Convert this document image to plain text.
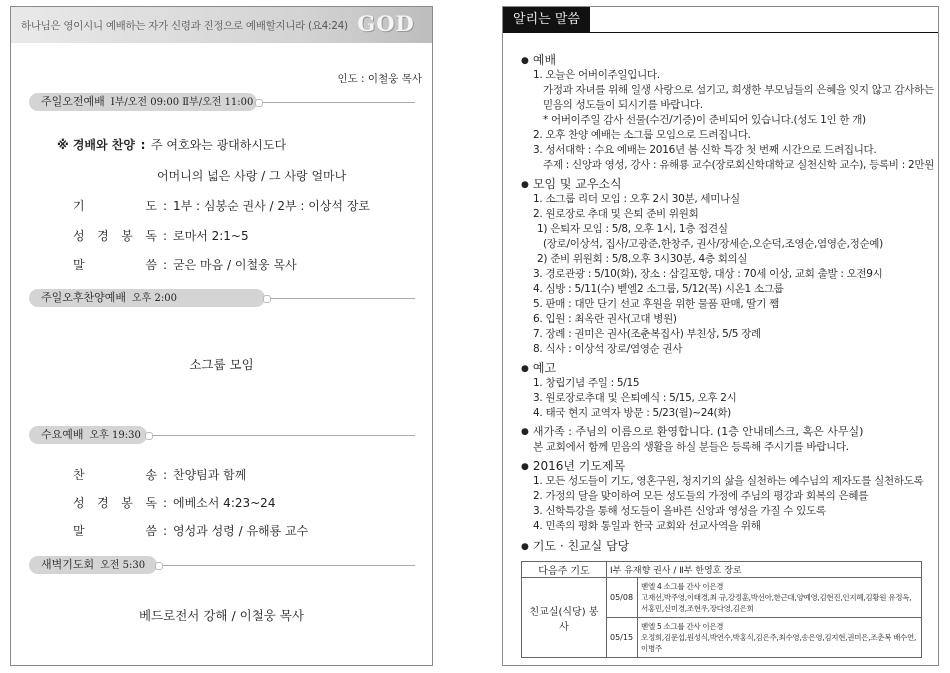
하나님은 영이시니 예배하는 자가 신령과 진정으로 예배할지니라 (요4:24) GOD
인도 : 이철웅 목사
주일오전예배 Ⅰ부/오전 09:00 Ⅱ부/오전 11:00
※ 경배와 찬양 : 주 여호와는 광대하시도다
어머니의 넓은 사랑 / 그 사랑 얼마나
기 도 : 1부 : 심봉순 권사 / 2부 : 이상석 장로
성 경 봉 독 : 로마서 2:1~5
말 씀 : 굳은 마음 / 이철웅 목사
주일오후찬양예배 오후 2:00
소그룹 모임
수요예배 오후 19:30
찬 송 : 찬양팀과 함께
성 경 봉 독 : 에베소서 4:23~24
말 씀 : 영성과 성령 / 유해룡 교수
새벽기도회 오전 5:30
베드로전서 강해 / 이철웅 목사
알리는 말씀
● 예배
1. 오늘은 어버이주일입니다.
가정과 자녀를 위해 일생 사랑으로 섬기고, 희생한 부모님들의 은혜을 잊지 않고 감사하는
믿음의 성도들이 되시기를 바랍니다.
* 어버이주일 감사 선물(수건/기증)이 준비되어 있습니다.(성도 1인 한 개)
2. 오후 찬양 예배는 소그룹 모임으로 드려집니다.
3. 성서대학 : 수요 예배는 2016년 봄 신학 특강 첫 번째 시간으로 드려집니다.
주제 : 신앙과 영성, 강사 : 유해룡 교수(장로회신학대학교 실천신학 교수), 등록비 : 2만원
● 모임 및 교우소식
1. 소그룹 리더 모임 : 오후 2시 30분, 세미나실
2. 원로장로 추대 및 은퇴 준비 위원회
1) 은퇴자 모임 : 5/8, 오후 1시, 1층 접견실
(장로/이상석, 집사/고광준,한창주, 권사/장세순,오순덕,조영순,염영순,정순예)
2) 준비 위원회 : 5/8,오후 3시30분, 4층 회의실
3. 경로관광 : 5/10(화), 장소 : 삼길포항, 대상 : 70세 이상, 교회 출발 : 오전9시
4. 심방 : 5/11(수) 벧엘2 소그룹, 5/12(목) 시온1 소그룹
5. 판매 : 대만 단기 선교 후원을 위한 물품 판매, 딸기 쨈
6. 입원 : 최옥란 권사(고대 병원)
7. 장례 : 권미은 권사(조춘복집사) 부친상, 5/5 장례
8. 식사 : 이상석 장로/염영순 권사
● 예고
1. 창립기념 주일 : 5/15
3. 원로장로추대 및 은퇴예식 : 5/15, 오후 2시
4. 태국 현지 교역자 방문 : 5/23(월)~24(화)
● 새가족 : 주님의 이름으로 환영합니다. (1층 안내데스크, 혹은 사무실)
본 교회에서 함께 믿음의 생활을 하실 분들은 등록해 주시기를 바랍니다.
● 2016년 기도제목
1. 모든 성도들이 기도, 영혼구원, 청지기의 삶을 실천하는 예수님의 제자도를 실천하도록
2. 가정의 달을 맞이하여 모든 성도들의 가정에 주님의 평강과 회복의 은혜를
3. 신학특강을 통해 성도들이 올바른 신앙과 영성을 가질 수 있도록
4. 민족의 평화 통일과 한국 교회와 선교사역을 위해
● 기도 · 친교실 담당
다음주 기도	Ⅰ부 유재향 권사 / Ⅱ부 한영호 장로	
친교실(식당) 봉사	05/08	벧엘 4 소그룹 간사 이은경
고재선,박주영,이태경,최 규,강정훈,박선아,한근대,양예영,김현진,인지혜,김황원 유정옥,서홍민,신미경,조현우,장다영,김은희

	05/15	벧엘 5 소그룹 간사 이은경
오정희,김문섭,원성식,박연수,박홍식,김은주,최수영,송은영,김지현,권미은,조춘복 배수연,이병주
